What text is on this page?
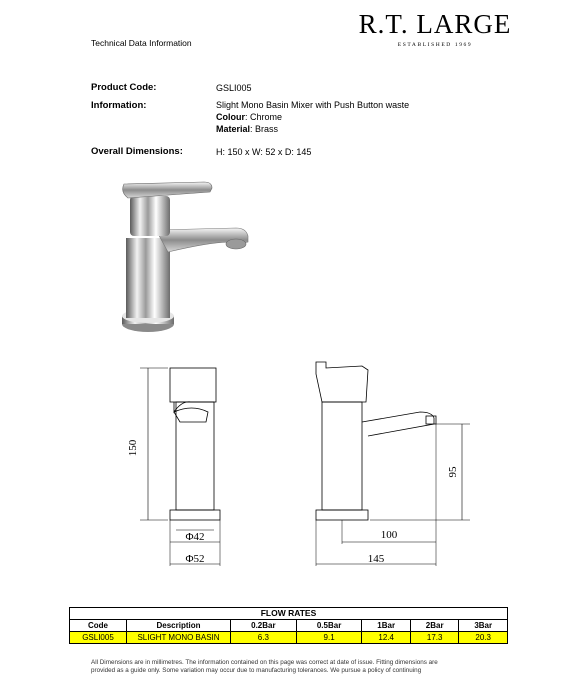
Technical Data Information
R.T. LARGE
ESTABLISHED 1969
Product Code:	GSLI005
Information:	Slight Mono Basin Mixer with Push Button waste
Colour: Chrome
Material: Brass
Overall Dimensions:	H: 150 x W: 52 x D: 145
150
Φ42
Φ52
95
100
145
FLOW RATES						
Code	Description	0.2Bar	0.5Bar	1Bar	2Bar	3Bar
GSLI005	SLIGHT MONO BASIN	6.3	9.1	12.4	17.3	20.3
All Dimensions are in millimetres. The information contained on this page was correct at date of issue. Fitting dimensions are
provided as a guide only. Some variation may occur due to manufacturing tolerances. We pursue a policy of continuing
